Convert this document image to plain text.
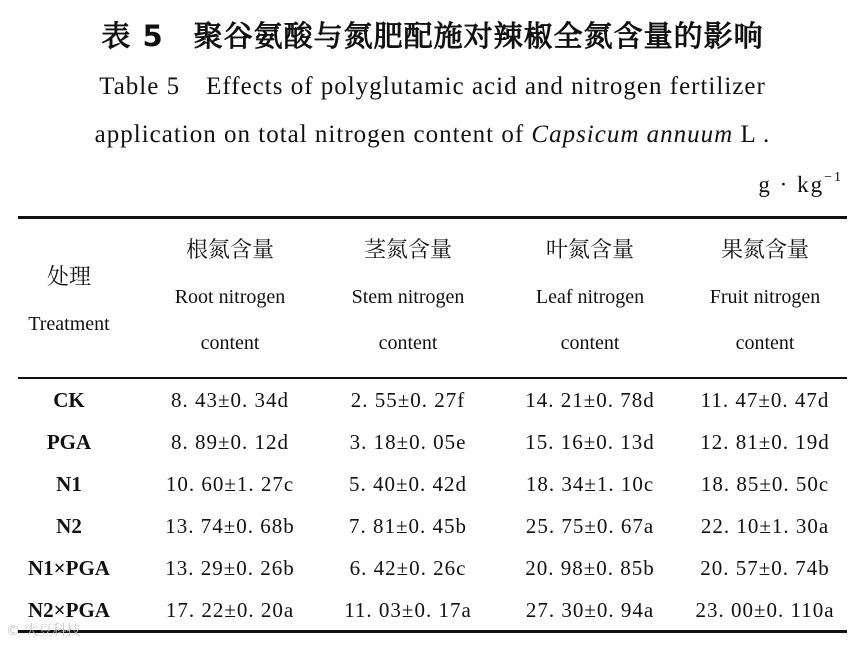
表 5 聚谷氨酸与氮肥配施对辣椒全氮含量的影响
Table 5 Effects of polyglutamic acid and nitrogen fertilizer
application on total nitrogen content of Capsicum annuum L .
$g \cdot kg^{-1}$
处理
Treatment
根氮含量
Root nitrogen
content
茎氮含量
Stem nitrogen
content
叶氮含量
Leaf nitrogen
content
果氮含量
Fruit nitrogen
content
CK	8. 43±0. 34d	2. 55±0. 27f	14. 21±0. 78d	11. 47±0. 47d
PGA	8. 89±0. 12d	3. 18±0. 05e	15. 16±0. 13d	12. 81±0. 19d
N1	10. 60±1. 27c	5. 40±0. 42d	18. 34±1. 10c	18. 85±0. 50c
N2	13. 74±0. 68b	7. 81±0. 45b	25. 75±0. 67a	22. 10±1. 30a
N1×PGA	13. 29±0. 26b	6. 42±0. 26c	20. 98±0. 85b	20. 57±0. 74b
N2×PGA	17. 22±0. 20a	11. 03±0. 17a	27. 30±0. 94a	23. 00±0. 110a
© 大豆科技
